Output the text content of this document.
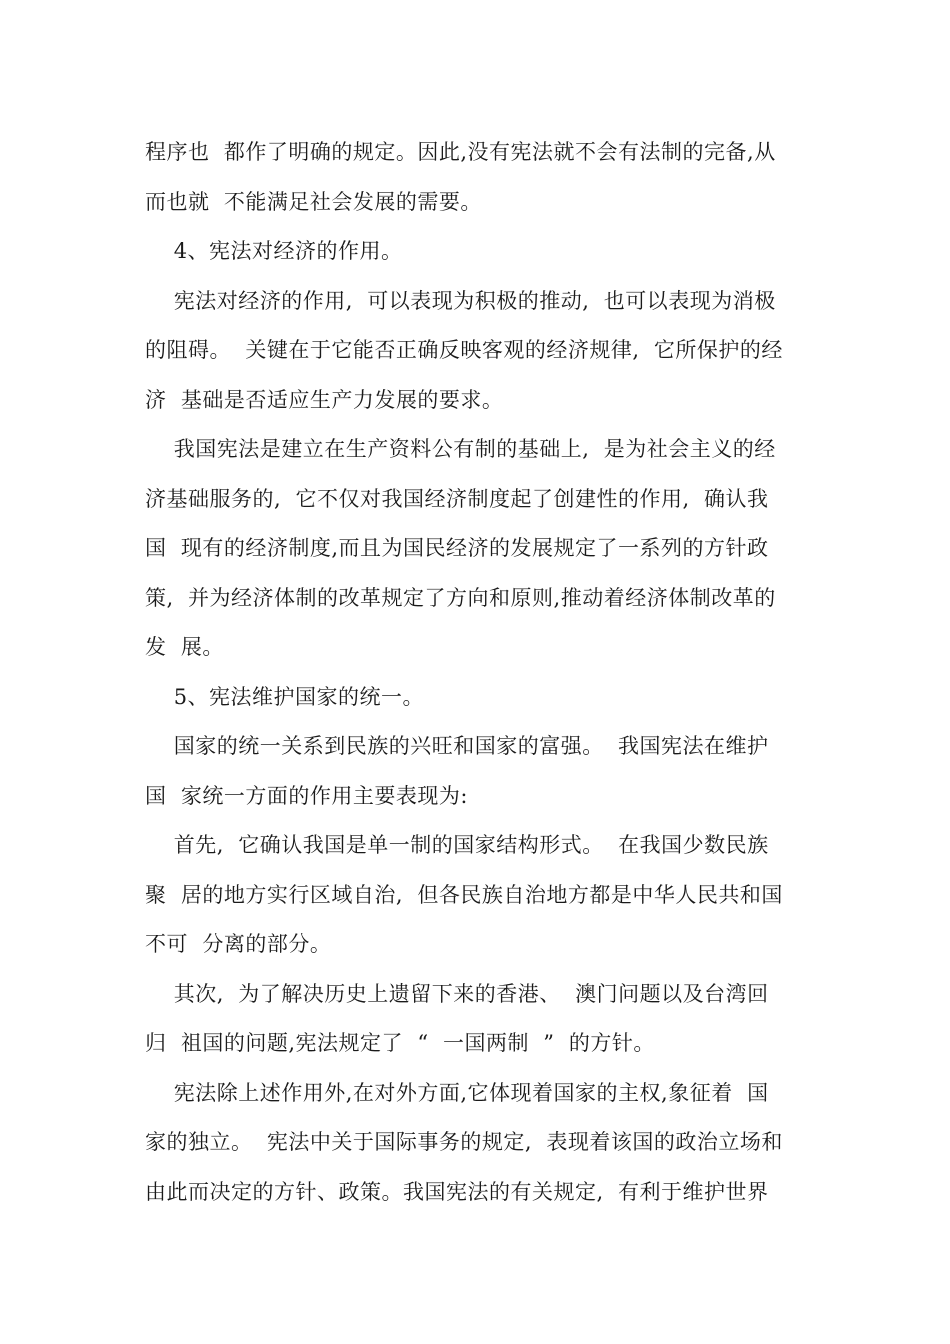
程序也  都作了明确的规定。因此,没有宪法就不会有法制的完备,从
而也就  不能满足社会发展的需要。
4、宪法对经济的作用。
宪法对经济的作用,  可以表现为积极的推动,  也可以表现为消极
的阻碍。  关键在于它能否正确反映客观的经济规律,  它所保护的经
济  基础是否适应生产力发展的要求。
我国宪法是建立在生产资料公有制的基础上,  是为社会主义的经
济基础服务的,  它不仅对我国经济制度起了创建性的作用,  确认我
国  现有的经济制度,而且为国民经济的发展规定了一系列的方针政
策,  并为经济体制的改革规定了方向和原则,推动着经济体制改革的
发  展。
5、宪法维护国家的统一。
国家的统一关系到民族的兴旺和国家的富强。  我国宪法在维护
国  家统一方面的作用主要表现为:
首先,  它确认我国是单一制的国家结构形式。  在我国少数民族
聚  居的地方实行区域自治,  但各民族自治地方都是中华人民共和国
不可  分离的部分。
其次,  为了解决历史上遗留下来的香港、  澳门问题以及台湾回
归  祖国的问题,宪法规定了  “  一国两制  ”  的方针。
宪法除上述作用外,在对外方面,它体现着国家的主权,象征着  国
家的独立。  宪法中关于国际事务的规定,  表现着该国的政治立场和
由此而决定的方针、政策。我国宪法的有关规定,  有利于维护世界
